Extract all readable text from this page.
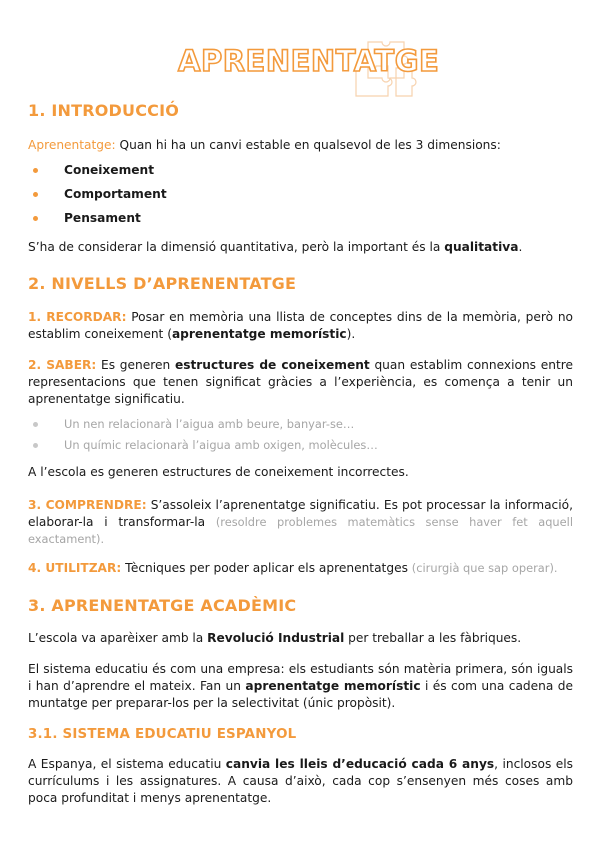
APRENENTATGE
1. INTRODUCCIÓ

Aprenentatge: Quan hi ha un canvi estable en qualsevol de les 3 dimensions:

Coneixement
Comportament
Pensament

S’ha de considerar la dimensió quantitativa, però la important és la qualitativa.

2. NIVELLS D’APRENENTATGE

1. RECORDAR: Posar en memòria una llista de conceptes dins de la memòria, però no establim coneixement (aprenentatge memorístic).

2. SABER: Es generen estructures de coneixement quan establim connexions entre representacions que tenen significat gràcies a l’experiència, es comença a tenir un aprenentatge significatiu.

Un nen relacionarà l’aigua amb beure, banyar-se…
Un químic relacionarà l’aigua amb oxigen, molècules…

A l’escola es generen estructures de coneixement incorrectes.

3. COMPRENDRE: S’assoleix l’aprenentatge significatiu. Es pot processar la informació, elaborar-la i transformar-la (resoldre problemes matemàtics sense haver fet aquell exactament).

4. UTILITZAR: Tècniques per poder aplicar els aprenentatges (cirurgià que sap operar).

3. APRENENTATGE ACADÈMIC

L’escola va aparèixer amb la Revolució Industrial per treballar a les fàbriques.

El sistema educatiu és com una empresa: els estudiants són matèria primera, són iguals i han d’aprendre el mateix. Fan un aprenentatge memorístic i és com una cadena de muntatge per preparar-los per la selectivitat (únic propòsit).

3.1. SISTEMA EDUCATIU ESPANYOL

A Espanya, el sistema educatiu canvia les lleis d’educació cada 6 anys, inclosos els currículums i les assignatures. A causa d’això, cada cop s’ensenyen més coses amb poca profunditat i menys aprenentatge.
